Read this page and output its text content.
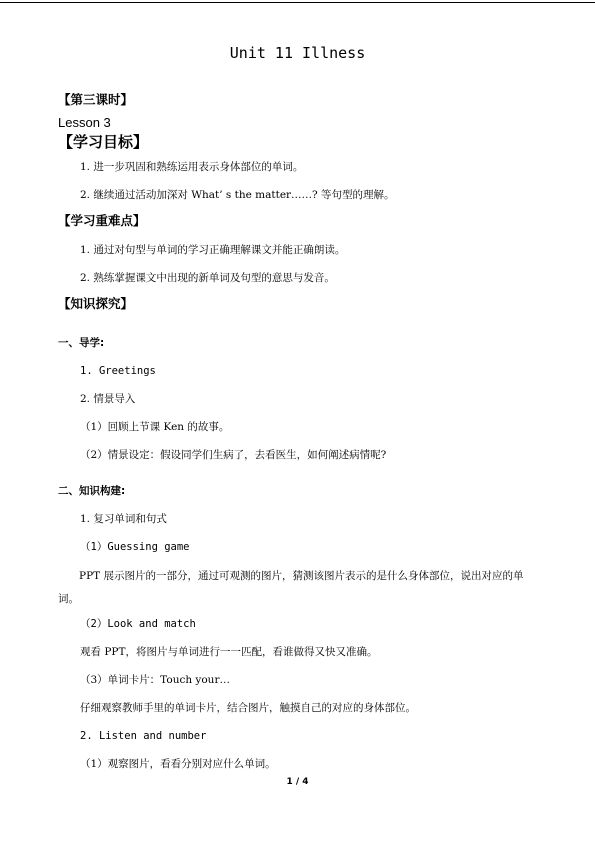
Unit 11 Illness
【第三课时】
Lesson 3
【学习目标】
1. 进一步巩固和熟练运用表示身体部位的单词。
2. 继续通过活动加深对 What’ s the matter……? 等句型的理解。
【学习重难点】
1. 通过对句型与单词的学习正确理解课文并能正确朗读。
2. 熟练掌握课文中出现的新单词及句型的意思与发音。
【知识探究】
一、导学:
1. Greetings
2. 情景导入
（1）回顾上节课 Ken 的故事。
（2）情景设定：假设同学们生病了，去看医生，如何阐述病情呢?
二、知识构建:
1. 复习单词和句式
（1）Guessing game
PPT 展示图片的一部分，通过可观测的图片，猜测该图片表示的是什么身体部位，说出对应的单词。
（2）Look and match
观看 PPT，将图片与单词进行一一匹配，看谁做得又快又准确。
（3）单词卡片：Touch your…
仔细观察教师手里的单词卡片，结合图片，触摸自己的对应的身体部位。
2. Listen and number
（1）观察图片，看看分别对应什么单词。
1 / 4
